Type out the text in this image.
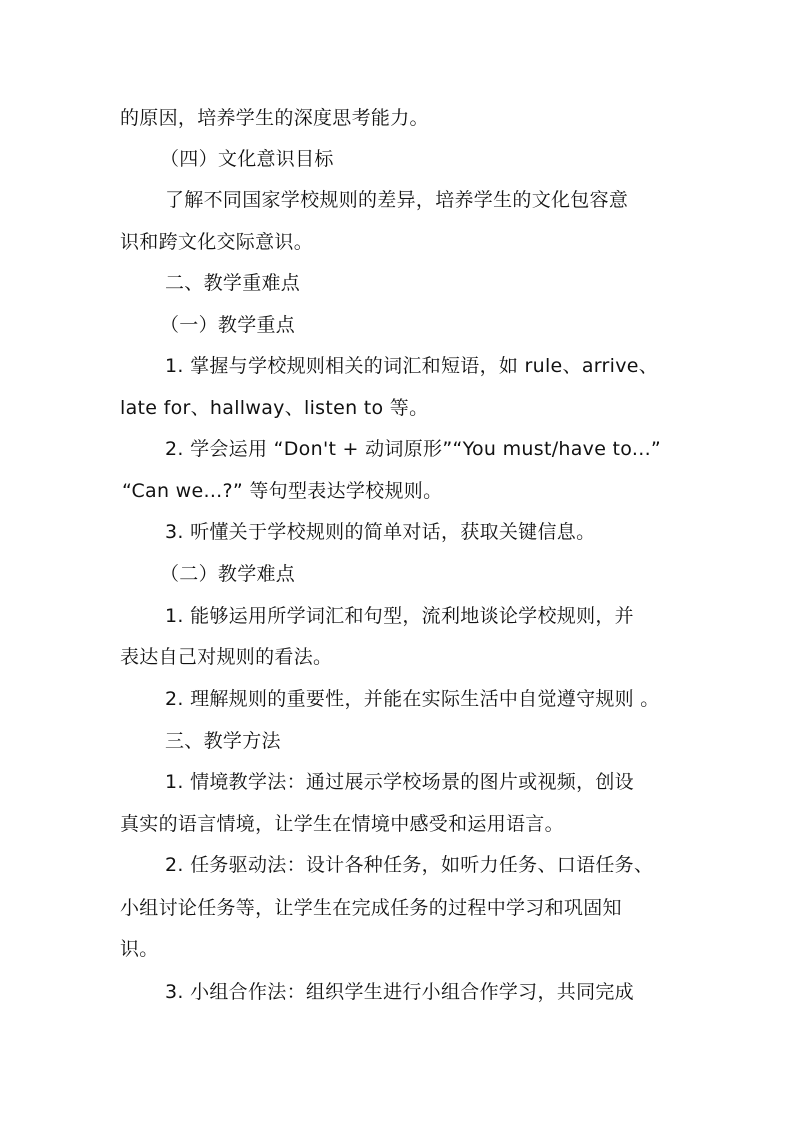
的原因，培养学生的深度思考能力。
（四）文化意识目标
了解不同国家学校规则的差异，培养学生的文化包容意
识和跨文化交际意识。
二、教学重难点
（一）教学重点
1. 掌握与学校规则相关的词汇和短语，如 rule、arrive、
late for、hallway、listen to 等。
2. 学会运用 “Don't + 动词原形”“You must/have to...”
“Can we...?” 等句型表达学校规则。
3. 听懂关于学校规则的简单对话，获取关键信息。
（二）教学难点
1. 能够运用所学词汇和句型，流利地谈论学校规则，并
表达自己对规则的看法。
2. 理解规则的重要性，并能在实际生活中自觉遵守规则 。
三、教学方法
1. 情境教学法：通过展示学校场景的图片或视频，创设
真实的语言情境，让学生在情境中感受和运用语言。
2. 任务驱动法：设计各种任务，如听力任务、口语任务、
小组讨论任务等，让学生在完成任务的过程中学习和巩固知
识。
3. 小组合作法：组织学生进行小组合作学习，共同完成
